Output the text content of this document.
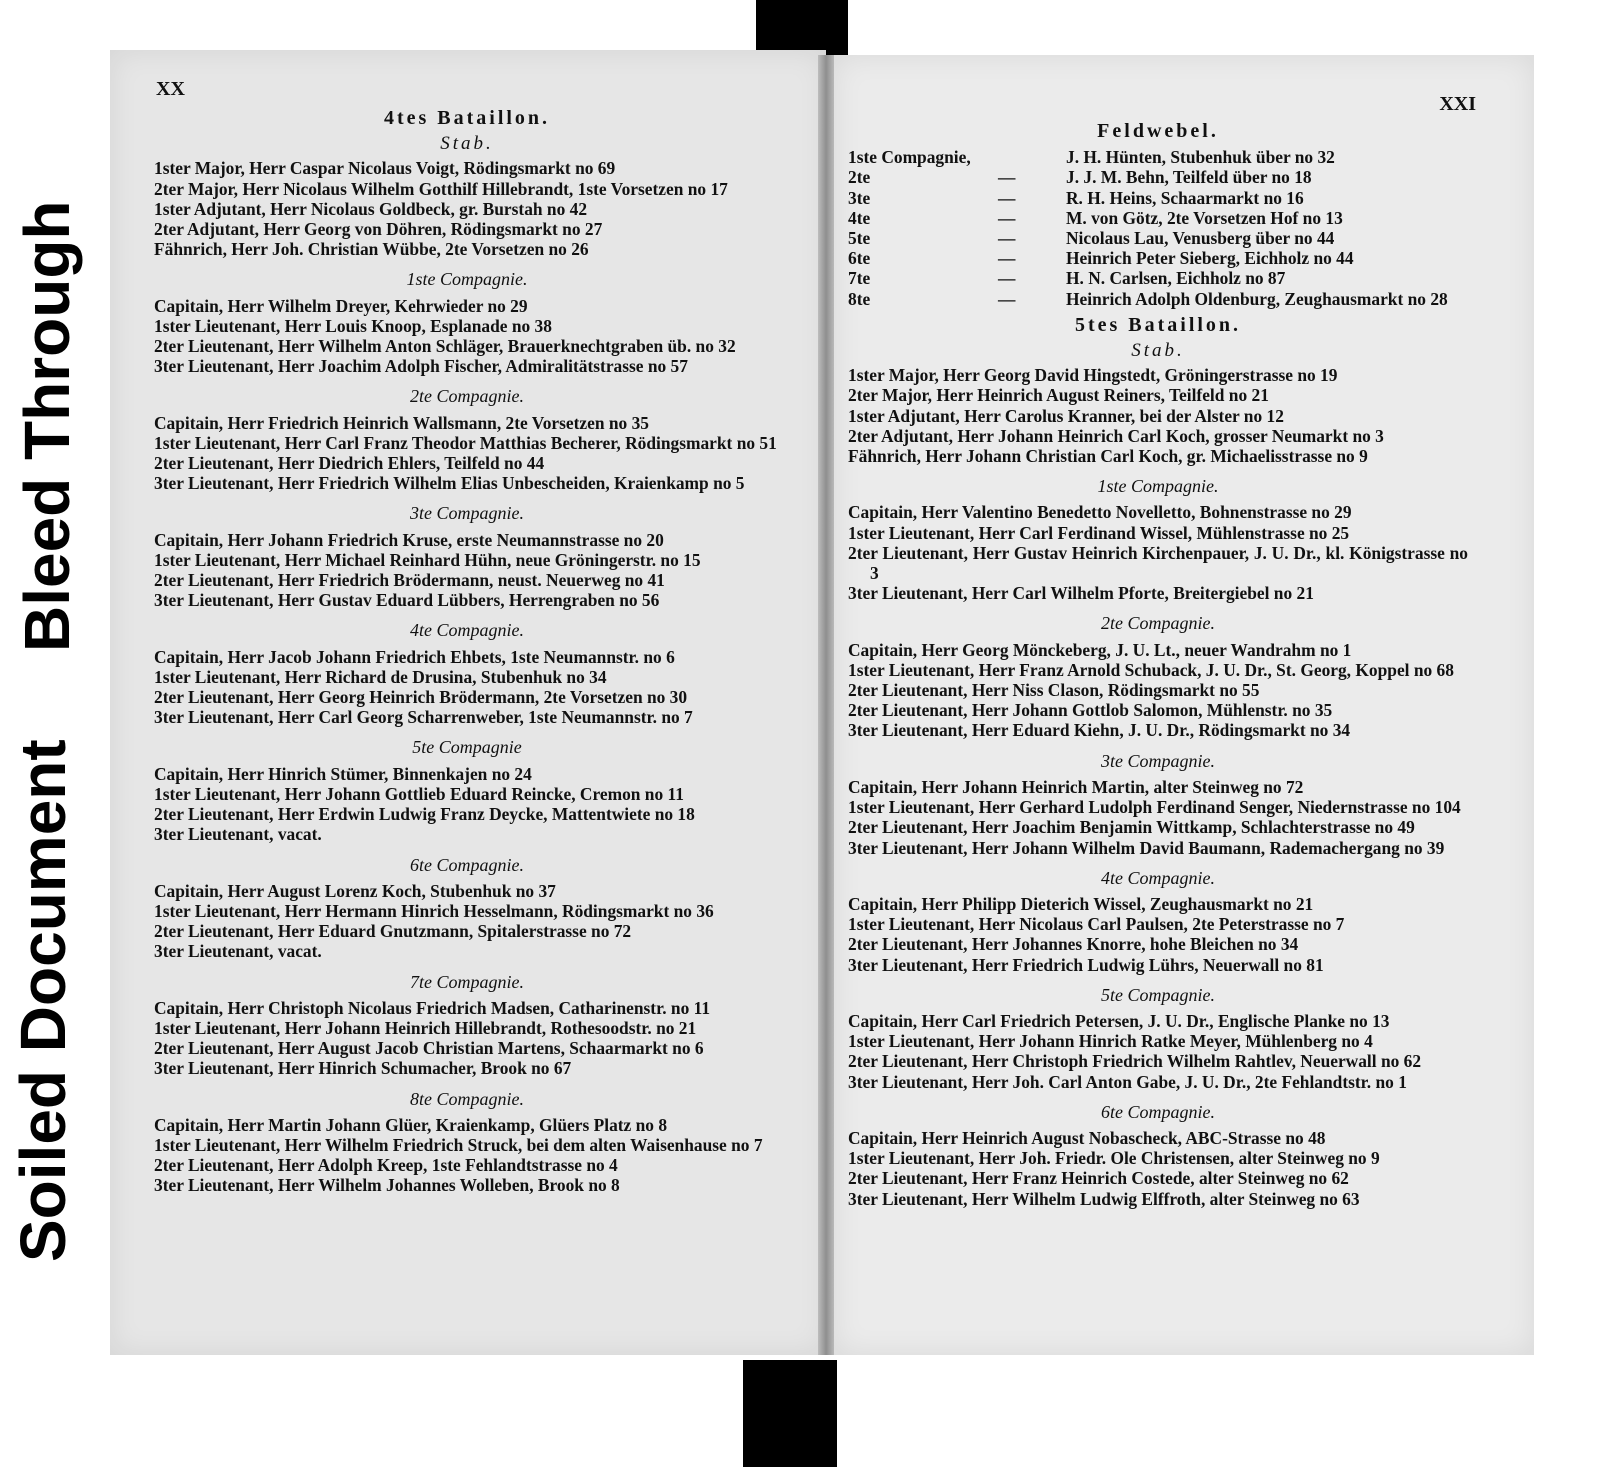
Soiled Document
Bleed Through
XX
4tes Bataillon.
Stab.

1ster Major, Herr Caspar Nicolaus Voigt, Rödingsmarkt no 69

2ter Major, Herr Nicolaus Wilhelm Gotthilf Hillebrandt, 1ste Vorsetzen no 17

1ster Adjutant, Herr Nicolaus Goldbeck, gr. Burstah no 42

2ter Adjutant, Herr Georg von Döhren, Rödingsmarkt no 27

Fähnrich, Herr Joh. Christian Wübbe, 2te Vorsetzen no 26

1ste Compagnie.

Capitain, Herr Wilhelm Dreyer, Kehrwieder no 29

1ster Lieutenant, Herr Louis Knoop, Esplanade no 38

2ter Lieutenant, Herr Wilhelm Anton Schläger, Brauerknechtgraben üb. no 32

3ter Lieutenant, Herr Joachim Adolph Fischer, Admiralitätstrasse no 57

2te Compagnie.

Capitain, Herr Friedrich Heinrich Wallsmann, 2te Vorsetzen no 35

1ster Lieutenant, Herr Carl Franz Theodor Matthias Becherer, Rödingsmarkt no 51

2ter Lieutenant, Herr Diedrich Ehlers, Teilfeld no 44

3ter Lieutenant, Herr Friedrich Wilhelm Elias Unbescheiden, Kraienkamp no 5

3te Compagnie.

Capitain, Herr Johann Friedrich Kruse, erste Neumannstrasse no 20

1ster Lieutenant, Herr Michael Reinhard Hühn, neue Gröningerstr. no 15

2ter Lieutenant, Herr Friedrich Brödermann, neust. Neuerweg no 41

3ter Lieutenant, Herr Gustav Eduard Lübbers, Herrengraben no 56

4te Compagnie.

Capitain, Herr Jacob Johann Friedrich Ehbets, 1ste Neumannstr. no 6

1ster Lieutenant, Herr Richard de Drusina, Stubenhuk no 34

2ter Lieutenant, Herr Georg Heinrich Brödermann, 2te Vorsetzen no 30

3ter Lieutenant, Herr Carl Georg Scharrenweber, 1ste Neumannstr. no 7

5te Compagnie

Capitain, Herr Hinrich Stümer, Binnenkajen no 24

1ster Lieutenant, Herr Johann Gottlieb Eduard Reincke, Cremon no 11

2ter Lieutenant, Herr Erdwin Ludwig Franz Deycke, Mattentwiete no 18

3ter Lieutenant, vacat.

6te Compagnie.

Capitain, Herr August Lorenz Koch, Stubenhuk no 37

1ster Lieutenant, Herr Hermann Hinrich Hesselmann, Rödingsmarkt no 36

2ter Lieutenant, Herr Eduard Gnutzmann, Spitalerstrasse no 72

3ter Lieutenant, vacat.

7te Compagnie.

Capitain, Herr Christoph Nicolaus Friedrich Madsen, Catharinenstr. no 11

1ster Lieutenant, Herr Johann Heinrich Hillebrandt, Rothesoodstr. no 21

2ter Lieutenant, Herr August Jacob Christian Martens, Schaarmarkt no 6

3ter Lieutenant, Herr Hinrich Schumacher, Brook no 67

8te Compagnie.

Capitain, Herr Martin Johann Glüer, Kraienkamp, Glüers Platz no 8

1ster Lieutenant, Herr Wilhelm Friedrich Struck, bei dem alten Waisenhause no 7

2ter Lieutenant, Herr Adolph Kreep, 1ste Fehlandtstrasse no 4

3ter Lieutenant, Herr Wilhelm Johannes Wolleben, Brook no 8

XXI
Feldwebel.
1ste Compagnie,	J. H. Hünten, Stubenhuk über no 32
2te	—	J. J. M. Behn, Teilfeld über no 18
3te	—	R. H. Heins, Schaarmarkt no 16
4te	—	M. von Götz, 2te Vorsetzen Hof no 13
5te	—	Nicolaus Lau, Venusberg über no 44
6te	—	Heinrich Peter Sieberg, Eichholz no 44
7te	—	H. N. Carlsen, Eichholz no 87
8te	—	Heinrich Adolph Oldenburg, Zeughausmarkt no 28
5tes Bataillon.
Stab.

1ster Major, Herr Georg David Hingstedt, Gröningerstrasse no 19

2ter Major, Herr Heinrich August Reiners, Teilfeld no 21

1ster Adjutant, Herr Carolus Kranner, bei der Alster no 12

2ter Adjutant, Herr Johann Heinrich Carl Koch, grosser Neumarkt no 3

Fähnrich, Herr Johann Christian Carl Koch, gr. Michaelisstrasse no 9

1ste Compagnie.

Capitain, Herr Valentino Benedetto Novelletto, Bohnenstrasse no 29

1ster Lieutenant, Herr Carl Ferdinand Wissel, Mühlenstrasse no 25

2ter Lieutenant, Herr Gustav Heinrich Kirchenpauer, J. U. Dr., kl. Königstrasse no 3

3ter Lieutenant, Herr Carl Wilhelm Pforte, Breitergiebel no 21

2te Compagnie.

Capitain, Herr Georg Mönckeberg, J. U. Lt., neuer Wandrahm no 1

1ster Lieutenant, Herr Franz Arnold Schuback, J. U. Dr., St. Georg, Koppel no 68

2ter Lieutenant, Herr Niss Clason, Rödingsmarkt no 55

2ter Lieutenant, Herr Johann Gottlob Salomon, Mühlenstr. no 35

3ter Lieutenant, Herr Eduard Kiehn, J. U. Dr., Rödingsmarkt no 34

3te Compagnie.

Capitain, Herr Johann Heinrich Martin, alter Steinweg no 72

1ster Lieutenant, Herr Gerhard Ludolph Ferdinand Senger, Niedernstrasse no 104

2ter Lieutenant, Herr Joachim Benjamin Wittkamp, Schlachterstrasse no 49

3ter Lieutenant, Herr Johann Wilhelm David Baumann, Rademachergang no 39

4te Compagnie.

Capitain, Herr Philipp Dieterich Wissel, Zeughausmarkt no 21

1ster Lieutenant, Herr Nicolaus Carl Paulsen, 2te Peterstrasse no 7

2ter Lieutenant, Herr Johannes Knorre, hohe Bleichen no 34

3ter Lieutenant, Herr Friedrich Ludwig Lührs, Neuerwall no 81

5te Compagnie.

Capitain, Herr Carl Friedrich Petersen, J. U. Dr., Englische Planke no 13

1ster Lieutenant, Herr Johann Hinrich Ratke Meyer, Mühlenberg no 4

2ter Lieutenant, Herr Christoph Friedrich Wilhelm Rahtlev, Neuerwall no 62

3ter Lieutenant, Herr Joh. Carl Anton Gabe, J. U. Dr., 2te Fehlandtstr. no 1

6te Compagnie.

Capitain, Herr Heinrich August Nobascheck, ABC-Strasse no 48

1ster Lieutenant, Herr Joh. Friedr. Ole Christensen, alter Steinweg no 9

2ter Lieutenant, Herr Franz Heinrich Costede, alter Steinweg no 62

3ter Lieutenant, Herr Wilhelm Ludwig Elffroth, alter Steinweg no 63
